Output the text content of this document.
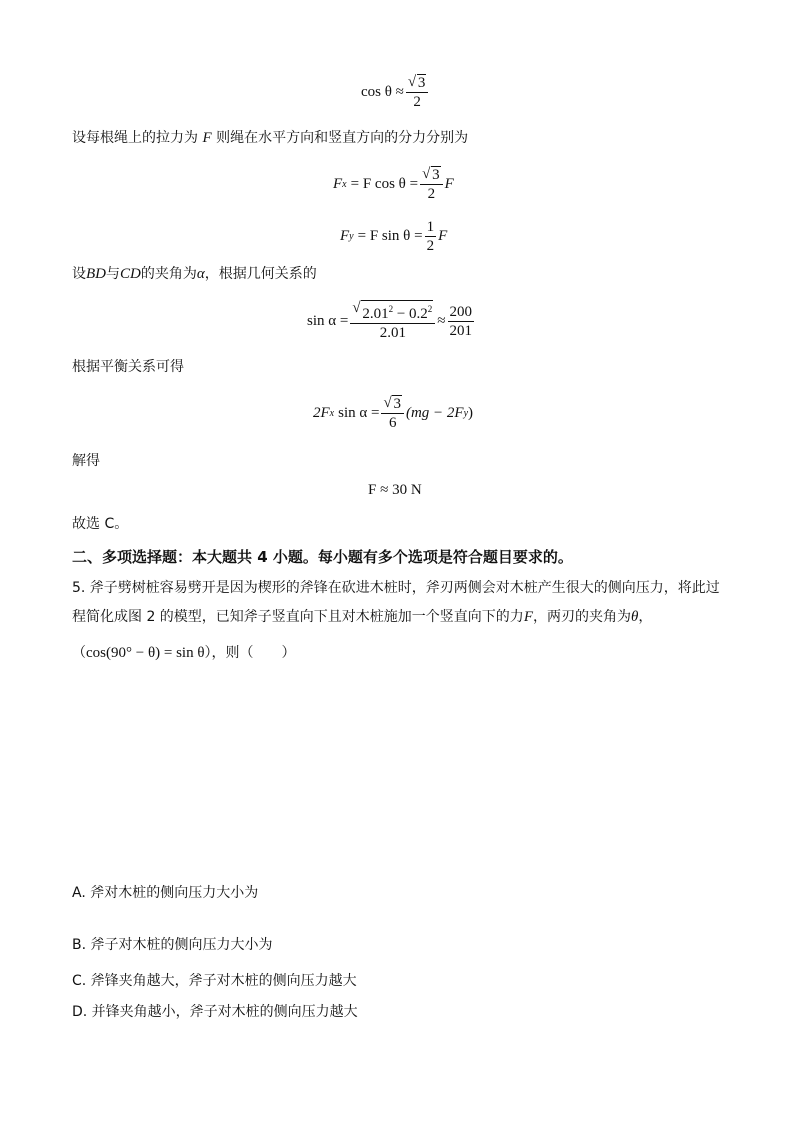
$\cos \theta \approx \frac{√ 3}{2}$
设每根绳上的拉力为 F 则绳在水平方向和竖直方向的分力分别为
F x = F $\cos \theta = \frac{√ 3}{2}$ F
F y = F $\sin \theta = \frac{1}{2}$ F
设BD与CD的夹角为α，根据几何关系的
$\sin \alpha = \frac{√ 2.01^2 - 0.2^2}{2.01} \approx \frac{200}{201}$
根据平衡关系可得
2F x $\sin \alpha = \frac{√ 3}{6} (mg - 2F$ y )
解得
F ≈ 30 N
故选 C。
二、多项选择题：本大题共 4 小题。每小题有多个选项是符合题目要求的。
5. 斧子劈树桩容易劈开是因为楔形的斧锋在砍进木桩时，斧刃两侧会对木桩产生很大的侧向压力，将此过
程简化成图 2 的模型，已知斧子竖直向下且对木桩施加一个竖直向下的力F，两刃的夹角为θ，
（cos(90° − θ) = sin θ），则（　　）
A. 斧对木桩的侧向压力大小为
B. 斧子对木桩的侧向压力大小为
C. 斧锋夹角越大，斧子对木桩的侧向压力越大
D. 并锋夹角越小，斧子对木桩的侧向压力越大
